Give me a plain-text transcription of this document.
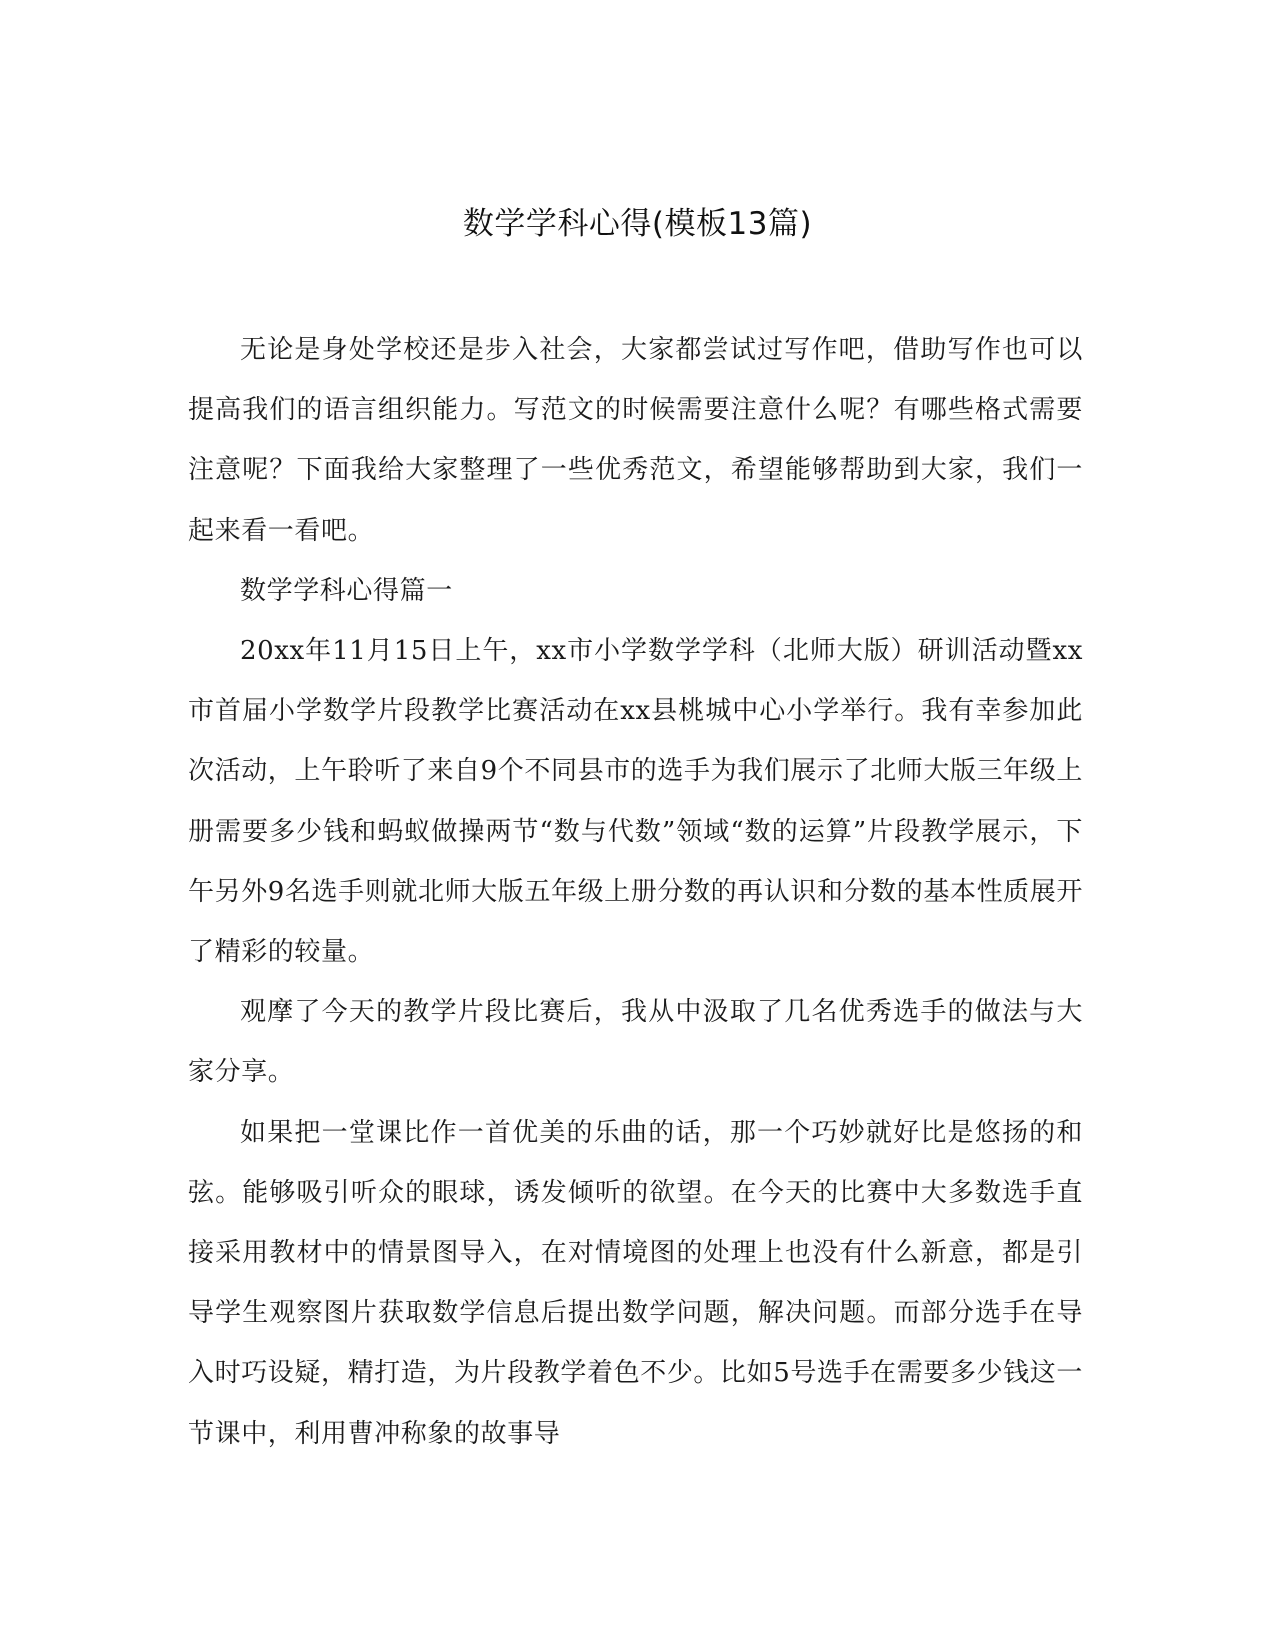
数学学科心得(模板13篇)

无论是身处学校还是步入社会，大家都尝试过写作吧，借助写作也可以提高我们的语言组织能力。写范文的时候需要注意什么呢？有哪些格式需要注意呢？下面我给大家整理了一些优秀范文，希望能够帮助到大家，我们一起来看一看吧。

数学学科心得篇一

20xx年11月15日上午，xx市小学数学学科（北师大版）研训活动暨xx市首届小学数学片段教学比赛活动在xx县桃城中心小学举行。我有幸参加此次活动，上午聆听了来自9个不同县市的选手为我们展示了北师大版三年级上册需要多少钱和蚂蚁做操两节“数与代数”领域“数的运算”片段教学展示，下午另外9名选手则就北师大版五年级上册分数的再认识和分数的基本性质展开了精彩的较量。

观摩了今天的教学片段比赛后，我从中汲取了几名优秀选手的做法与大家分享。

如果把一堂课比作一首优美的乐曲的话，那一个巧妙就好比是悠扬的和弦。能够吸引听众的眼球，诱发倾听的欲望。在今天的比赛中大多数选手直接采用教材中的情景图导入，在对情境图的处理上也没有什么新意，都是引导学生观察图片获取数学信息后提出数学问题，解决问题。而部分选手在导入时巧设疑，精打造，为片段教学着色不少。比如5号选手在需要多少钱这一节课中，利用曹冲称象的故事导
